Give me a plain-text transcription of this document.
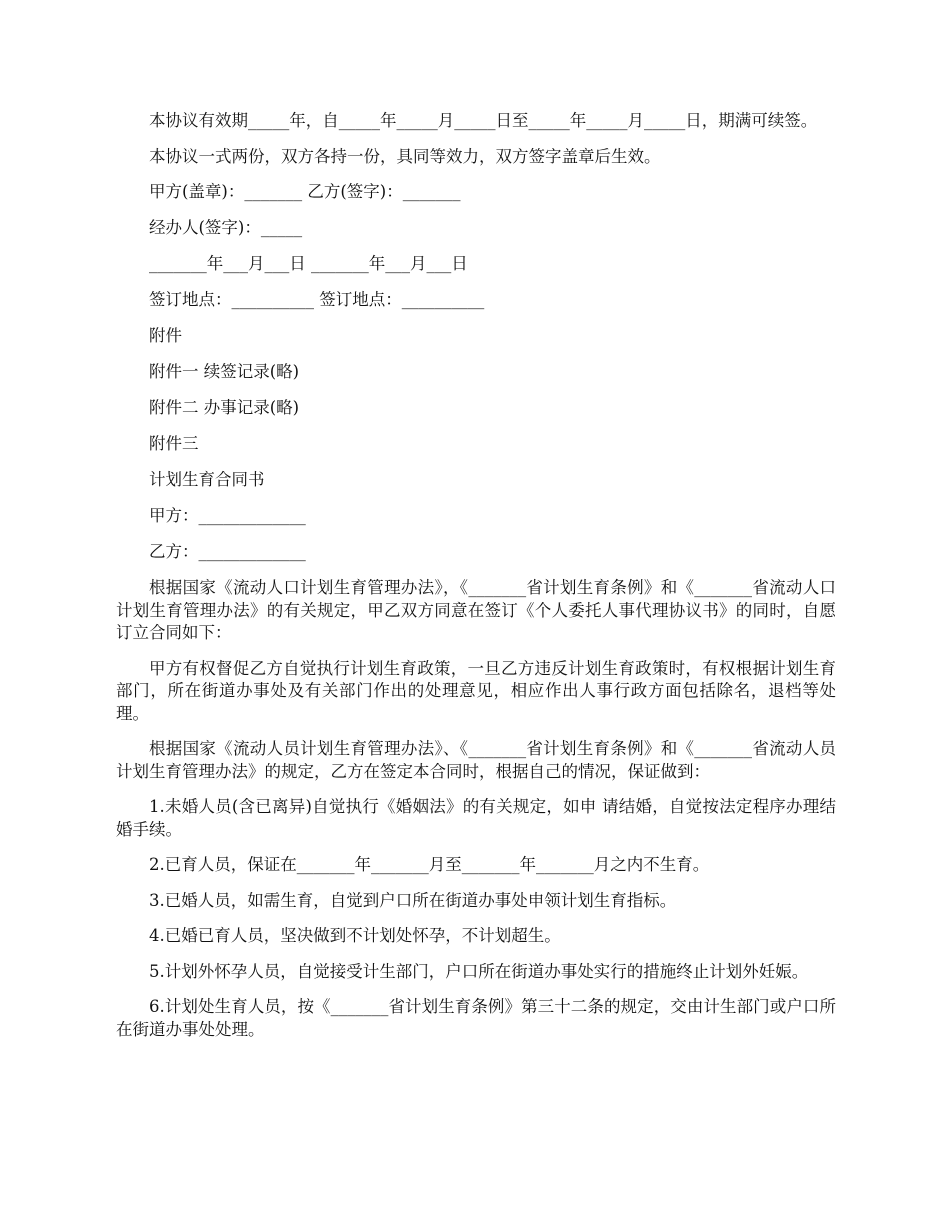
本协议有效期_____年，自_____年_____月_____日至_____年_____月_____日，期满可续签。

本协议一式两份，双方各持一份，具同等效力，双方签字盖章后生效。

甲方(盖章)：_______ 乙方(签字)：_______

经办人(签字)：_____

_______年___月___日 _______年___月___日

签订地点：__________ 签订地点：__________

附件

附件一 续签记录(略)

附件二 办事记录(略)

附件三

计划生育合同书

甲方：_____________

乙方：_____________

根据国家《流动人口计划生育管理办法》，《_______省计划生育条例》和《_______省流动人口计划生育管理办法》的有关规定，甲乙双方同意在签订《个人委托人事代理协议书》的同时，自愿订立合同如下：

甲方有权督促乙方自觉执行计划生育政策，一旦乙方违反计划生育政策时，有权根据计划生育部门，所在街道办事处及有关部门作出的处理意见，相应作出人事行政方面包括除名，退档等处理。

根据国家《流动人员计划生育管理办法》、《_______省计划生育条例》和《_______省流动人员计划生育管理办法》的规定，乙方在签定本合同时，根据自己的情况，保证做到：

1.未婚人员(含已离异)自觉执行《婚姻法》的有关规定，如申 请结婚，自觉按法定程序办理结婚手续。

2.已育人员，保证在_______年_______月至_______年_______月之内不生育。

3.已婚人员，如需生育，自觉到户口所在街道办事处申领计划生育指标。

4.已婚已育人员，坚决做到不计划处怀孕，不计划超生。

5.计划外怀孕人员，自觉接受计生部门，户口所在街道办事处实行的措施终止计划外妊娠。

6.计划处生育人员，按《_______省计划生育条例》第三十二条的规定，交由计生部门或户口所在街道办事处处理。
